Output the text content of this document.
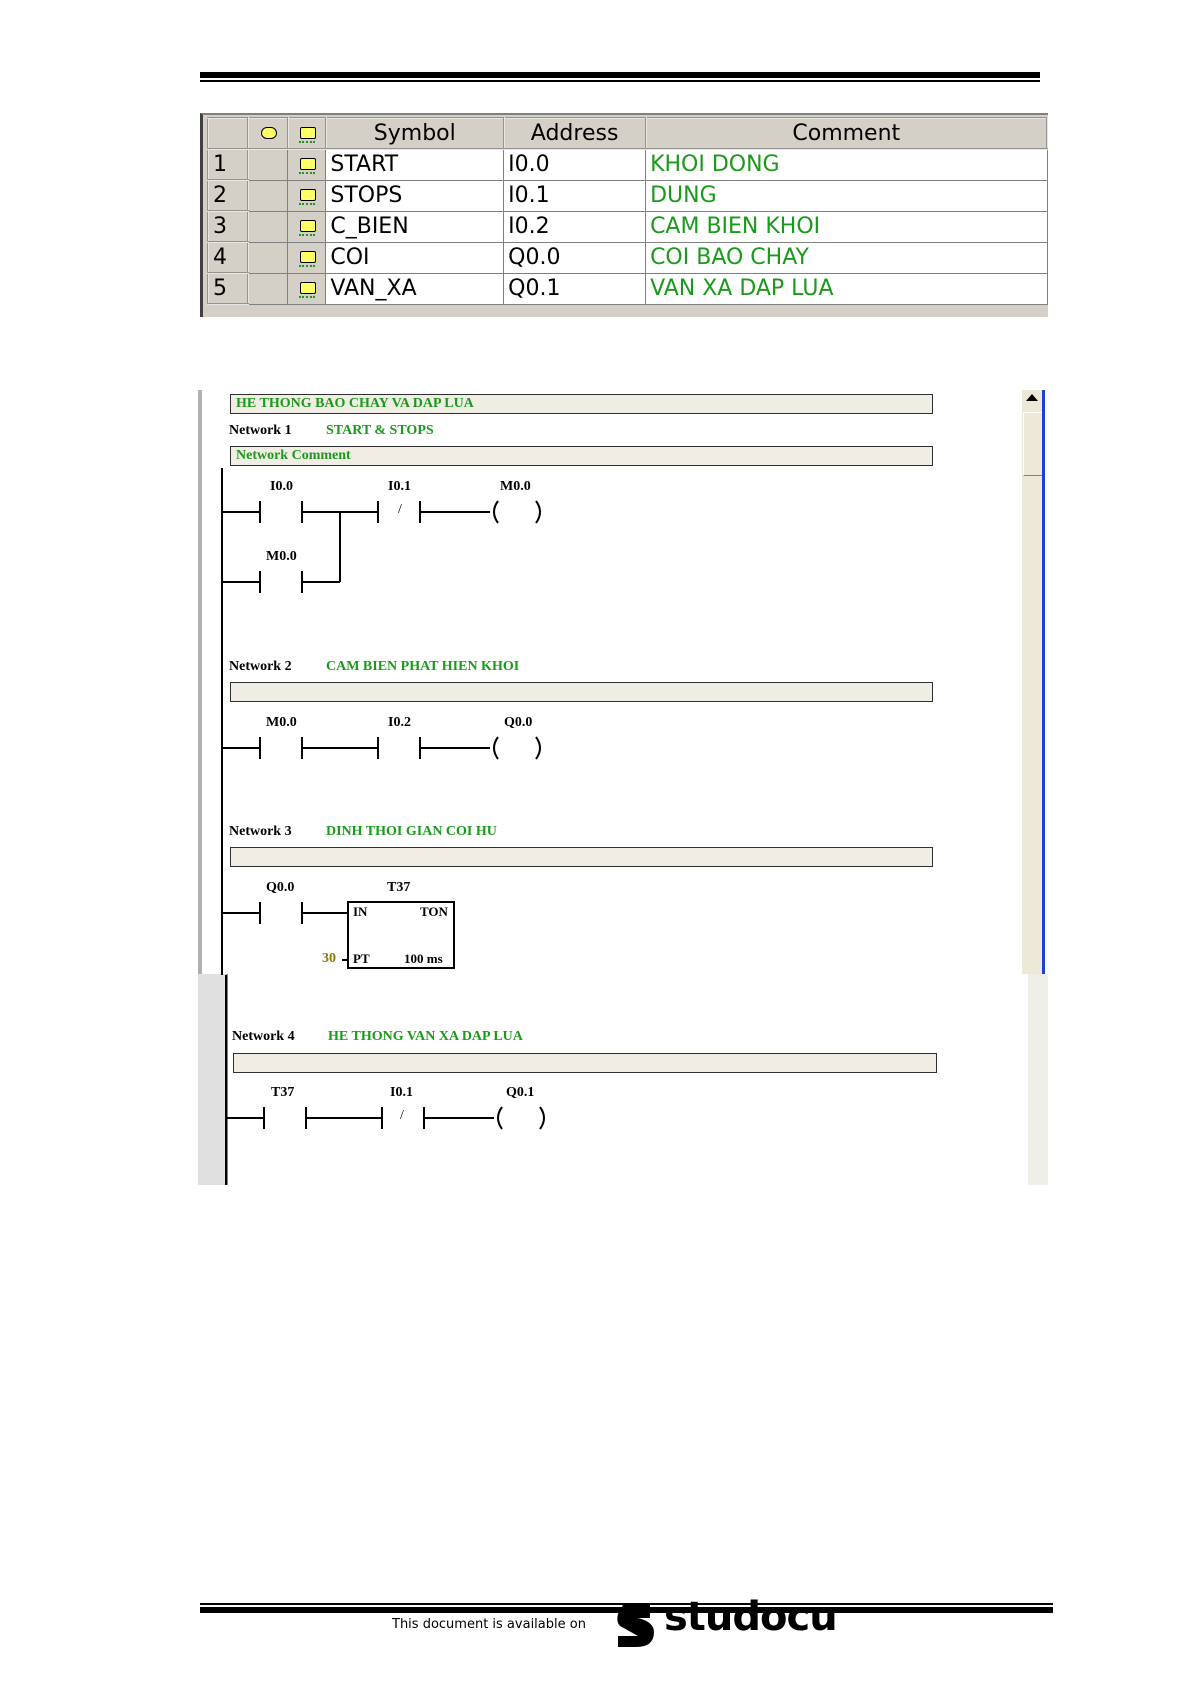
	Symbol	Address	Comment
1			START	I0.0	KHOI DONG
2			STOPS	I0.1	DUNG
3			C_BIEN	I0.2	CAM BIEN KHOI
4			COI	Q0.0	COI BAO CHAY
5			VAN_XA	Q0.1	VAN XA DAP LUA
HE THONG BAO CHAY VA DAP LUA
Network 1 START & STOPS
Network Comment
I0.0	I0.1	M0.0
M0.0
/
Network 2 CAM BIEN PHAT HIEN KHOI
M0.0	I0.2	Q0.0
Network 3 DINH THOI GIAN COI HU
Q0.0	T37
IN	TON
PT	100 ms
30
Network 4 HE THONG VAN XA DAP LUA
T37	I0.1	Q0.1
/
This document is available on studocu
